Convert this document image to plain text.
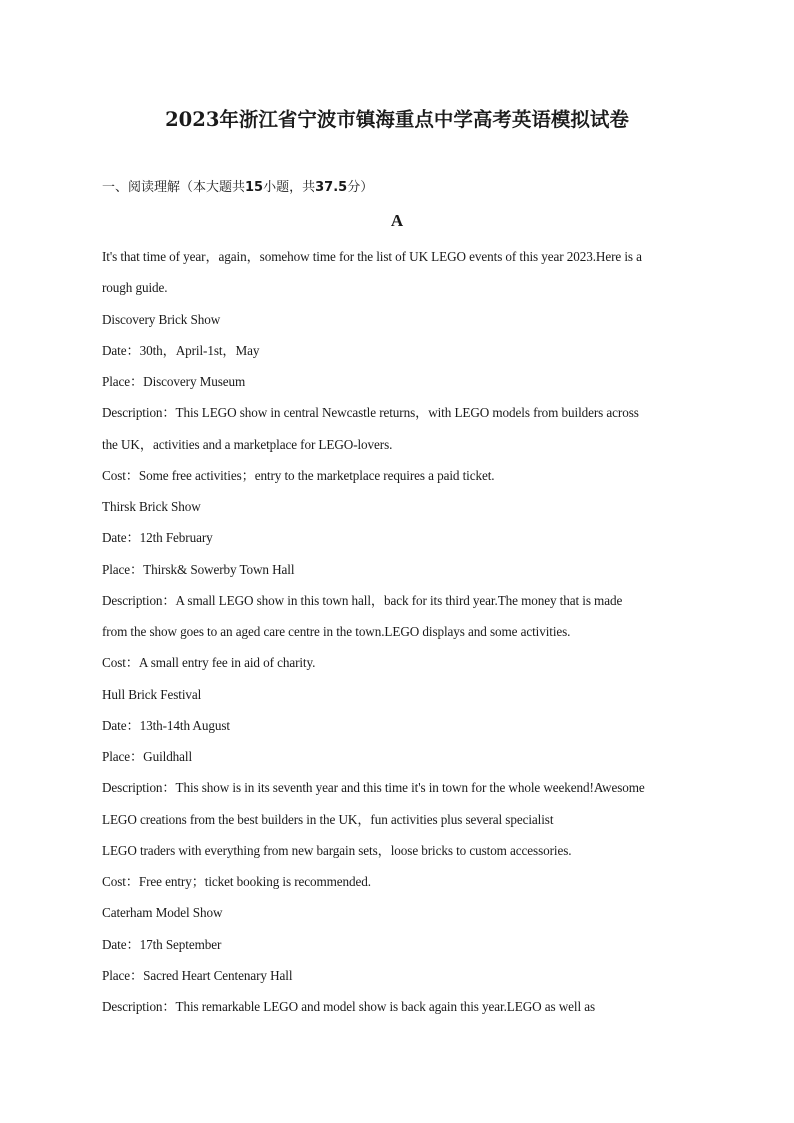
2023年浙江省宁波市镇海重点中学高考英语模拟试卷
一、阅读理解（本大题共15小题，共37.5分）
A
It's that time of year，again，somehow time for the list of UK LEGO events of this year 2023.Here is a
rough guide.
Discovery Brick Show
Date：30th，April-1st，May
Place：Discovery Museum
Description：This LEGO show in central Newcastle returns，with LEGO models from builders across
the UK，activities and a marketplace for LEGO-lovers.
Cost：Some free activities；entry to the marketplace requires a paid ticket.
Thirsk Brick Show
Date：12th February
Place：Thirsk& Sowerby Town Hall
Description：A small LEGO show in this town hall，back for its third year.The money that is made
from the show goes to an aged care centre in the town.LEGO displays and some activities.
Cost：A small entry fee in aid of charity.
Hull Brick Festival
Date：13th-14th August
Place：Guildhall
Description：This show is in its seventh year and this time it's in town for the whole weekend!Awesome
LEGO creations from the best builders in the UK，fun activities plus several specialist
LEGO traders with everything from new bargain sets，loose bricks to custom accessories.
Cost：Free entry；ticket booking is recommended.
Caterham Model Show
Date：17th September
Place：Sacred Heart Centenary Hall
Description：This remarkable LEGO and model show is back again this year.LEGO as well as
